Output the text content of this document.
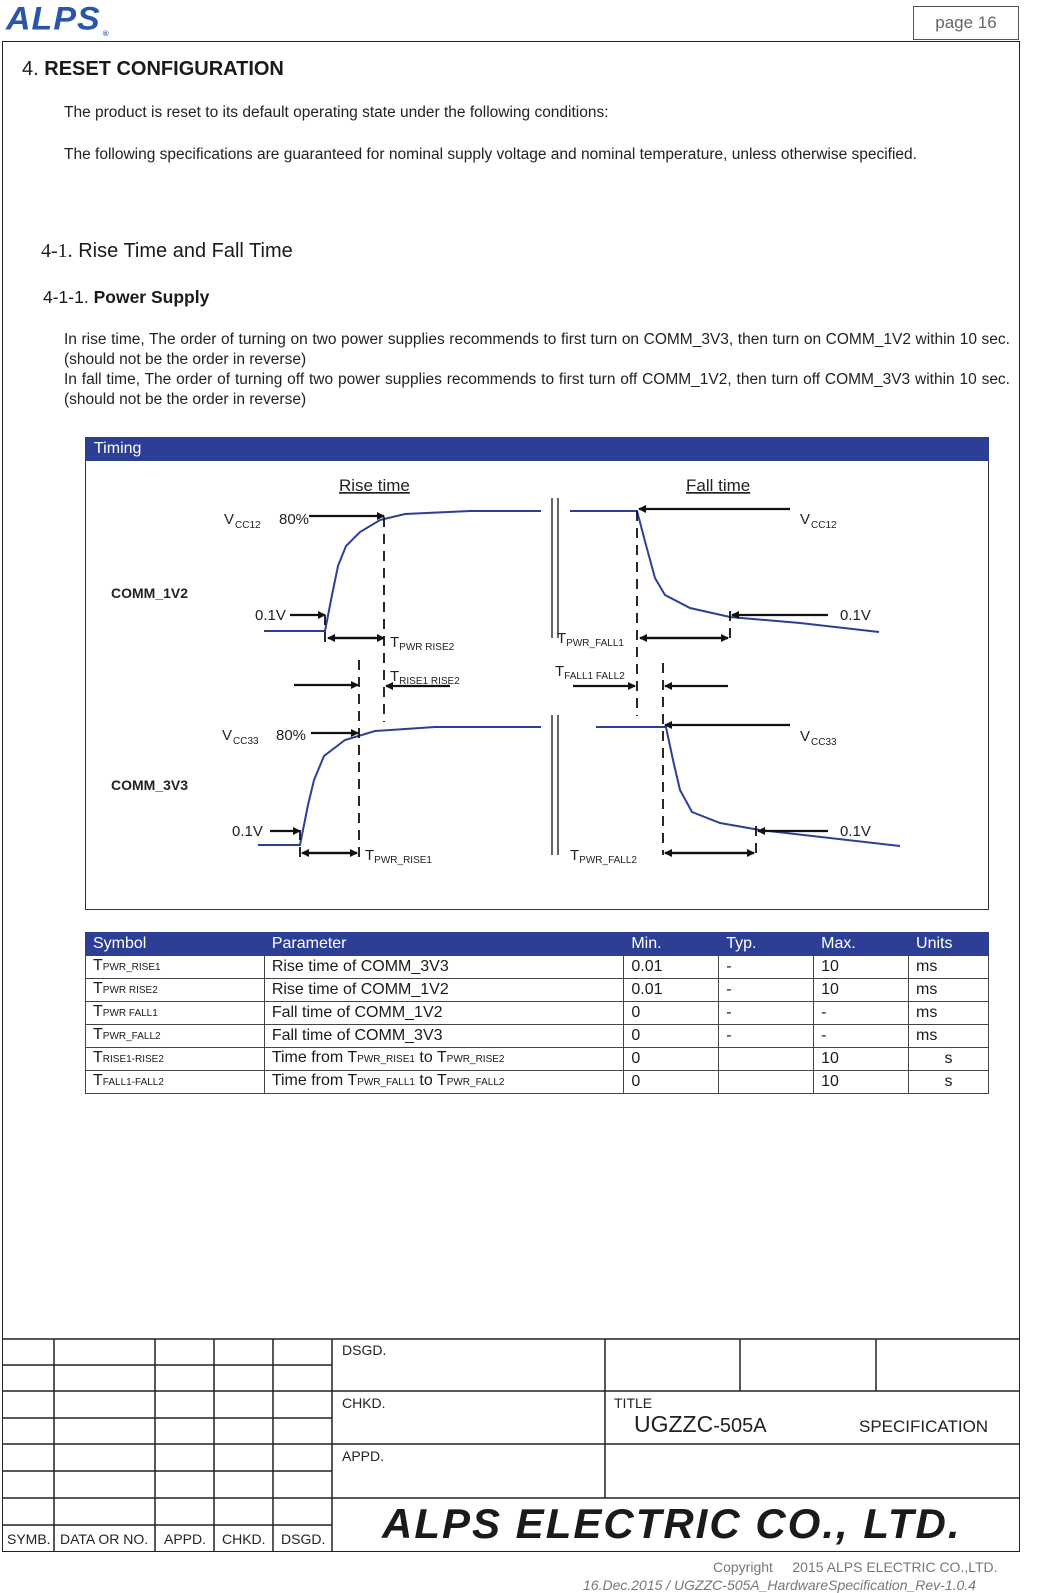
ALPS ®
page 16
4. RESET CONFIGURATION
The product is reset to its default operating state under the following conditions:
The following specifications are guaranteed for nominal supply voltage and nominal temperature, unless otherwise specified.
4-1. Rise Time and Fall Time
4-1-1. Power Supply
In rise time, The order of turning on two power supplies recommends to first turn on COMM_3V3, then turn on COMM_1V2 within 10 sec. (should not be the order in reverse)
In fall time, The order of turning off two power supplies recommends to first turn off COMM_1V2, then turn off COMM_3V3 within 10 sec. (should not be the order in reverse)
Timing
Rise time	Fall time
COMM_1V2
COMM_3V3
$V_{CC12}$ 80%
0.1V
$T_{PWR RISE2}$
$T_{RISE1 RISE2}$
$V_{CC12}$
0.1V
$T_{PWR\_FALL1}$
$T_{FALL1 FALL2}$
$V_{CC33}$ 80%
0.1V
$T_{PWR\_RISE1}$
$V_{CC33}$
0.1V
$T_{PWR\_FALL2}$
Symbol	Parameter	Min.	Typ.	Max.	Units
TPWR_RISE1	Rise time of COMM_3V3	0.01	-	10	ms
TPWR RISE2	Rise time of COMM_1V2	0.01	-	10	ms
TPWR FALL1	Fall time of COMM_1V2	0	-	-	ms
TPWR_FALL2	Fall time of COMM_3V3	0	-	-	ms
TRISE1-RISE2	Time from TPWR_RISE1 to TPWR_RISE2	0		10	s
TFALL1-FALL2	Time from TPWR_FALL1 to TPWR_FALL2	0		10	s
DSGD.
CHKD.
APPD.
TITLE
SYMB. DATA OR NO. APPD. CHKD. DSGD.
UGZZC-505A	SPECIFICATION
ALPS ELECTRIC CO., LTD.
Copyright 2015 ALPS ELECTRIC CO.,LTD.
16.Dec.2015 / UGZZC-505A_HardwareSpecification_Rev-1.0.4
